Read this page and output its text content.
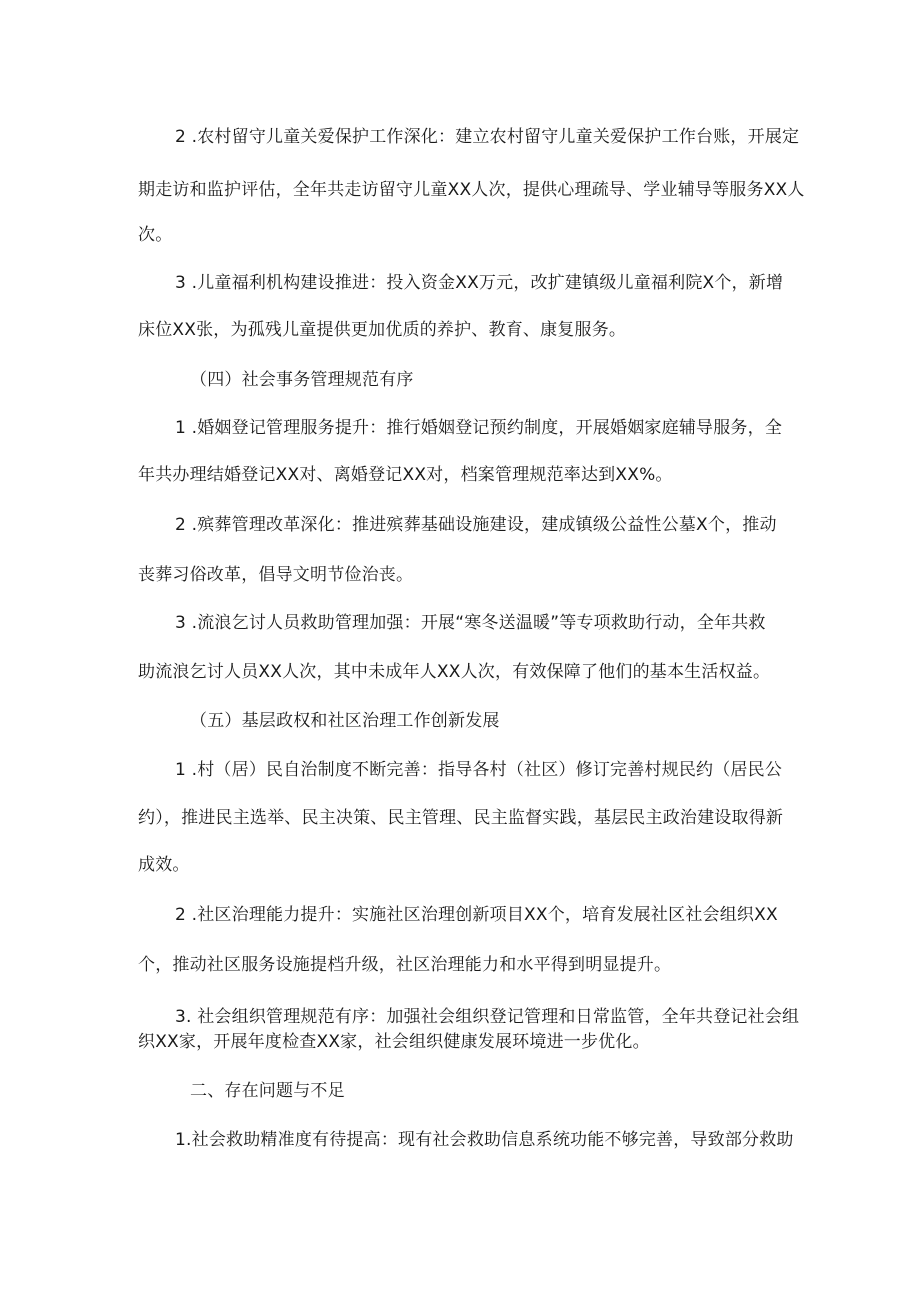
2 .农村留守儿童关爱保护工作深化：建立农村留守儿童关爱保护工作台账，开展定
期走访和监护评估，全年共走访留守儿童XX人次，提供心理疏导、学业辅导等服务XX人
次。
3 .儿童福利机构建设推进：投入资金XX万元，改扩建镇级儿童福利院X个，新增
床位XX张，为孤残儿童提供更加优质的养护、教育、康复服务。
（四）社会事务管理规范有序
1 .婚姻登记管理服务提升：推行婚姻登记预约制度，开展婚姻家庭辅导服务，全
年共办理结婚登记XX对、离婚登记XX对，档案管理规范率达到XX%。
2 .殡葬管理改革深化：推进殡葬基础设施建设，建成镇级公益性公墓X个，推动
丧葬习俗改革，倡导文明节俭治丧。
3 .流浪乞讨人员救助管理加强：开展“寒冬送温暖”等专项救助行动，全年共救
助流浪乞讨人员XX人次，其中未成年人XX人次，有效保障了他们的基本生活权益。
（五）基层政权和社区治理工作创新发展
1 .村（居）民自治制度不断完善：指导各村（社区）修订完善村规民约（居民公
约），推进民主选举、民主决策、民主管理、民主监督实践，基层民主政治建设取得新
成效。
2 .社区治理能力提升：实施社区治理创新项目XX个，培育发展社区社会组织XX
个，推动社区服务设施提档升级，社区治理能力和水平得到明显提升。
3. 社会组织管理规范有序：加强社会组织登记管理和日常监管，全年共登记社会组
织XX家，开展年度检查XX家，社会组织健康发展环境进一步优化。
二、存在问题与不足
1.社会救助精准度有待提高：现有社会救助信息系统功能不够完善，导致部分救助
